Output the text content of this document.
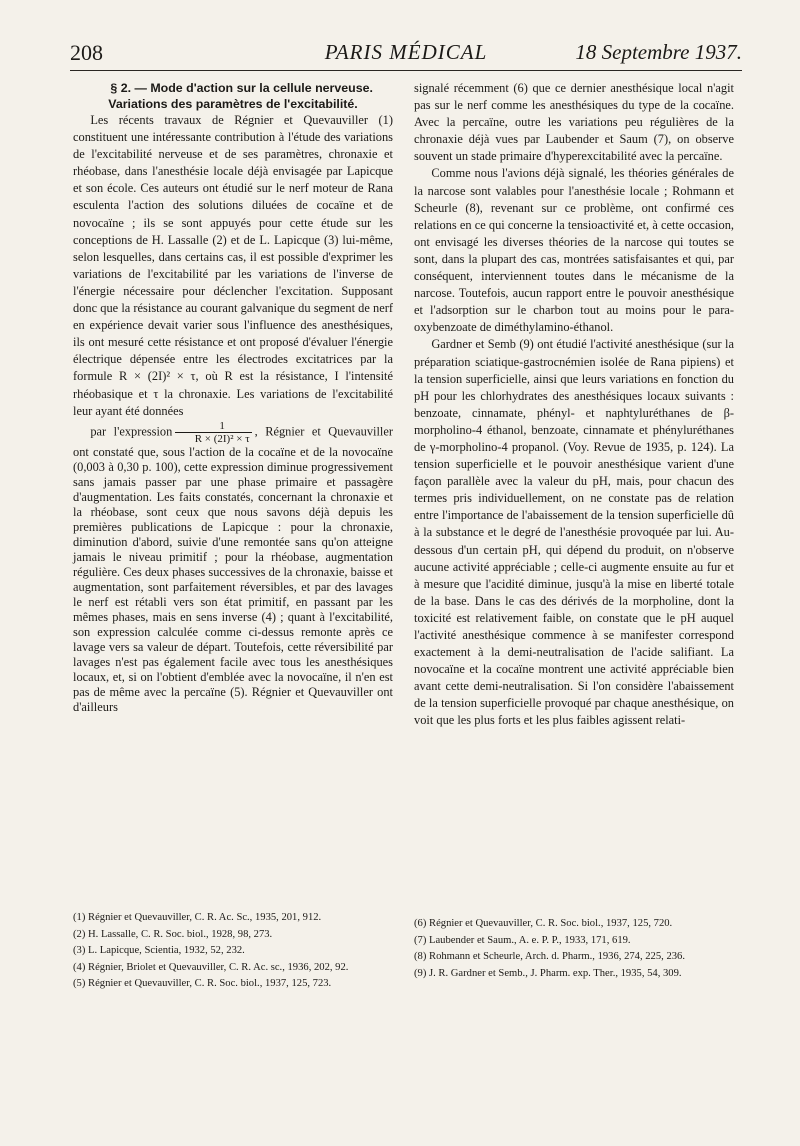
208	PARIS MÉDICAL	18 Septembre 1937.

§ 2. — Mode d'action sur la cellule nerveuse. Variations des paramètres de l'excitabilité.

Les récents travaux de Régnier et Quevauviller (1) constituent une intéressante contribution à l'étude des variations de l'excitabilité nerveuse et de ses paramètres, chronaxie et rhéobase, dans l'anesthésie locale déjà envisagée par Lapicque et son école. Ces auteurs ont étudié sur le nerf moteur de Rana esculenta l'action des solutions diluées de cocaïne et de novocaïne ; ils se sont appuyés pour cette étude sur les conceptions de H. Lassalle (2) et de L. Lapicque (3) lui-même, selon lesquelles, dans certains cas, il est possible d'exprimer les variations de l'excitabilité par les variations de l'inverse de l'énergie nécessaire pour déclencher l'excitation. Supposant donc que la résistance au courant galvanique du segment de nerf en expérience devait varier sous l'influence des anesthésiques, ils ont mesuré cette résistance et ont proposé d'évaluer l'énergie électrique dépensée entre les électrodes excitatrices par la formule R × (2I)² × τ, où R est la résistance, I l'intensité rhéobasique et τ la chronaxie. Les variations de l'excitabilité leur ayant été données

par l'expression $\frac{1}{\text{R × (2I)² × τ}}$ , Régnier et Quevauviller ont constaté que, sous l'action de la cocaïne et de la novocaïne (0,003 à 0,30 p. 100), cette expression diminue progressivement sans jamais passer par une phase primaire et passagère d'augmentation. Les faits constatés, concernant la chronaxie et la rhéobase, sont ceux que nous savons déjà depuis les premières publications de Lapicque : pour la chronaxie, diminution d'abord, suivie d'une remontée sans qu'on atteigne jamais le niveau primitif ; pour la rhéobase, augmentation régulière. Ces deux phases successives de la chronaxie, baisse et augmentation, sont parfaitement réversibles, et par des lavages le nerf est rétabli vers son état primitif, en passant par les mêmes phases, mais en sens inverse (4) ; quant à l'excitabilité, son expression calculée comme ci-dessus remonte après ce lavage vers sa valeur de départ. Toutefois, cette réversibilité par lavages n'est pas également facile avec tous les anesthésiques locaux, et, si on l'obtient d'emblée avec la novocaïne, il n'en est pas de même avec la percaïne (5). Régnier et Quevauviller ont d'ailleurs

signalé récemment (6) que ce dernier anesthésique local n'agit pas sur le nerf comme les anesthésiques du type de la cocaïne. Avec la percaïne, outre les variations peu régulières de la chronaxie déjà vues par Laubender et Saum (7), on observe souvent un stade primaire d'hyperexcitabilité avec la percaïne.

Comme nous l'avions déjà signalé, les théories générales de la narcose sont valables pour l'anesthésie locale ; Rohmann et Scheurle (8), revenant sur ce problème, ont confirmé ces relations en ce qui concerne la tensioactivité et, à cette occasion, ont envisagé les diverses théories de la narcose qui toutes se sont, dans la plupart des cas, montrées satisfaisantes et qui, par conséquent, interviennent toutes dans le mécanisme de la narcose. Toutefois, aucun rapport entre le pouvoir anesthésique et l'adsorption sur le charbon tout au moins pour le para-oxybenzoate de diméthylamino-éthanol.

Gardner et Semb (9) ont étudié l'activité anesthésique (sur la préparation sciatique-gastrocnémien isolée de Rana pipiens) et la tension superficielle, ainsi que leurs variations en fonction du pH pour les chlorhydrates des anesthésiques locaux suivants : benzoate, cinnamate, phényl- et naphtyluréthanes de β-morpholino-4 éthanol, benzoate, cinnamate et phényluréthanes de γ-morpholino-4 propanol. (Voy. Revue de 1935, p. 124). La tension superficielle et le pouvoir anesthésique varient d'une façon parallèle avec la valeur du pH, mais, pour chacun des termes pris individuellement, on ne constate pas de relation entre l'importance de l'abaissement de la tension superficielle dû à la substance et le degré de l'anesthésie provoquée par lui. Au-dessous d'un certain pH, qui dépend du produit, on n'observe aucune activité appréciable ; celle-ci augmente ensuite au fur et à mesure que l'acidité diminue, jusqu'à la mise en liberté totale de la base. Dans le cas des dérivés de la morpholine, dont la toxicité est relativement faible, on constate que le pH auquel l'activité anesthésique commence à se manifester correspond exactement à la demi-neutralisation de l'acide salifiant. La novocaïne et la cocaïne montrent une activité appréciable bien avant cette demi-neutralisation. Si l'on considère l'abaissement de la tension superficielle provoqué par chaque anesthésique, on voit que les plus forts et les plus faibles agissent relati-

(1) Régnier et Quevauviller, C. R. Ac. Sc., 1935, 201, 912.

(2) H. Lassalle, C. R. Soc. biol., 1928, 98, 273.

(3) L. Lapicque, Scientia, 1932, 52, 232.

(4) Régnier, Briolet et Quevauviller, C. R. Ac. sc., 1936, 202, 92.

(5) Régnier et Quevauviller, C. R. Soc. biol., 1937, 125, 723.

(6) Régnier et Quevauviller, C. R. Soc. biol., 1937, 125, 720.

(7) Laubender et Saum., A. e. P. P., 1933, 171, 619.

(8) Rohmann et Scheurle, Arch. d. Pharm., 1936, 274, 225, 236.

(9) J. R. Gardner et Semb., J. Pharm. exp. Ther., 1935, 54, 309.
